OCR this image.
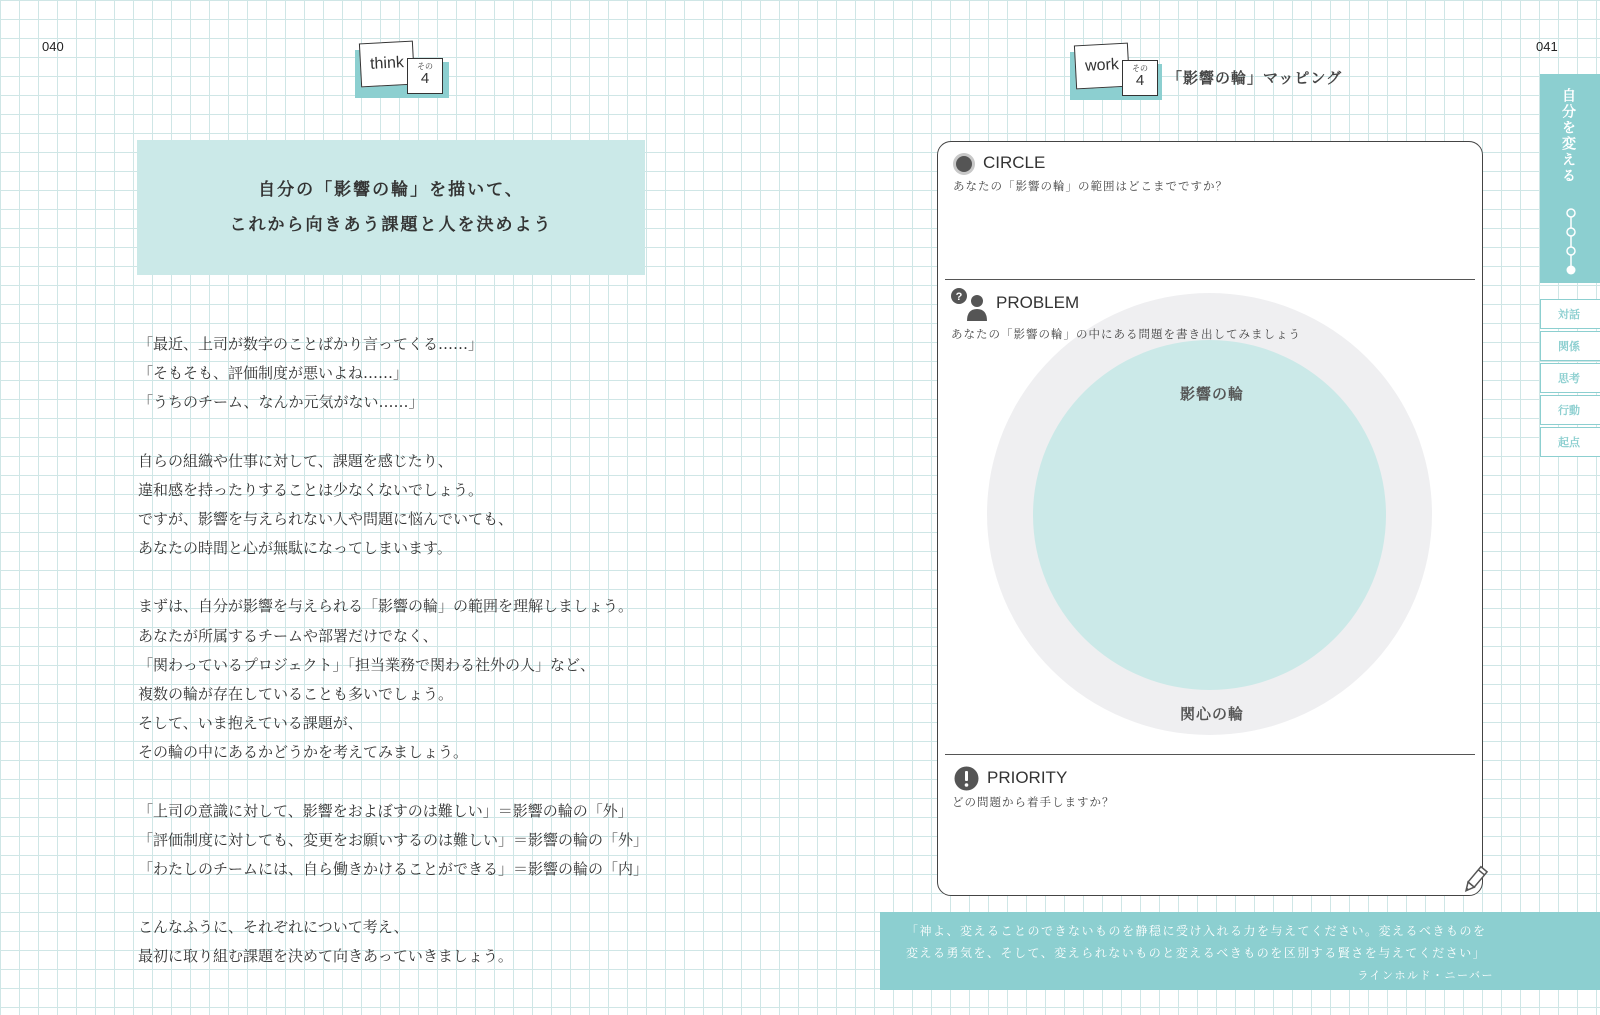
040	041
think	その
4
自分の「影響の輪」を描いて、
これから向きあう課題と人を決めよう

「最近、上司が数字のことばかり言ってくる……」
「そもそも、評価制度が悪いよね……」
「うちのチーム、なんか元気がない……」

自らの組織や仕事に対して、課題を感じたり、
違和感を持ったりすることは少なくないでしょう。
ですが、影響を与えられない人や問題に悩んでいても、
あなたの時間と心が無駄になってしまいます。

まずは、自分が影響を与えられる「影響の輪」の範囲を理解しましょう。
あなたが所属するチームや部署だけでなく、
「関わっているプロジェクト」「担当業務で関わる社外の人」など、
複数の輪が存在していることも多いでしょう。
そして、いま抱えている課題が、
その輪の中にあるかどうかを考えてみましょう。

「上司の意識に対して、影響をおよぼすのは難しい」＝影響の輪の「外」
「評価制度に対しても、変更をお願いするのは難しい」＝影響の輪の「外」
「わたしのチームには、自ら働きかけることができる」＝影響の輪の「内」

こんなふうに、それぞれについて考え、
最初に取り組む課題を決めて向きあっていきましょう。

work	その
4	「影響の輪」マッピング
CIRCLE
あなたの「影響の輪」の範囲はどこまでですか？
影響の輪
関心の輪
? PROBLEM
あなたの「影響の輪」の中にある問題を書き出してみましょう
PRIORITY
どの問題から着手しますか？
「神よ、変えることのできないものを静穏に受け入れる力を与えてください。変えるべきものを
変える勇気を、そして、変えられないものと変えるべきものを区別する賢さを与えてください」
ラインホルド・ニーバー
自分を変える
対話
関係
思考
行動
起点
